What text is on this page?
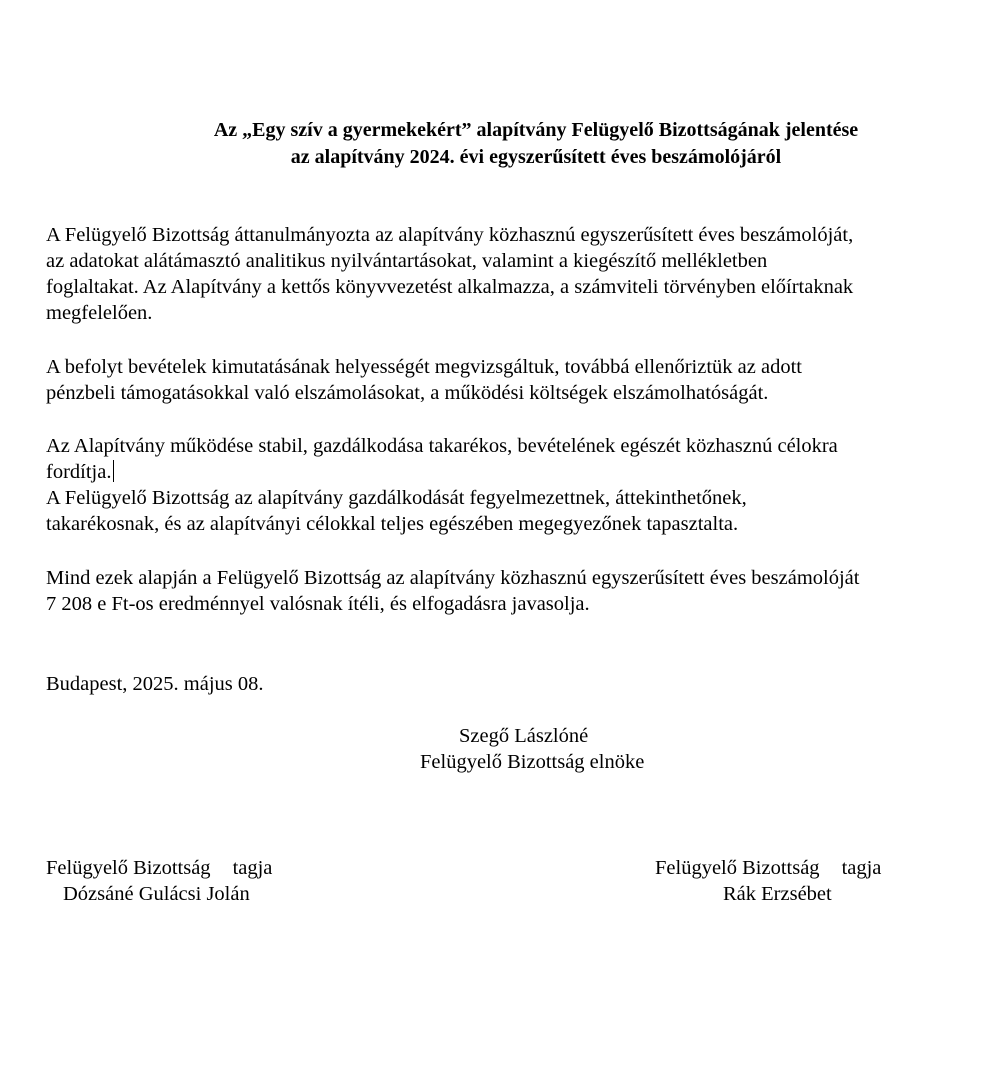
Az „Egy szív a gyermekekért” alapítvány Felügyelő Bizottságának jelentése
az alapítvány 2024. évi egyszerűsített éves beszámolójáról
A Felügyelő Bizottság áttanulmányozta az alapítvány közhasznú egyszerűsített éves beszámolóját,
az adatokat alátámasztó analitikus nyilvántartásokat, valamint a kiegészítő mellékletben
foglaltakat. Az Alapítvány a kettős könyvvezetést alkalmazza, a számviteli törvényben előírtaknak
megfelelően.
A befolyt bevételek kimutatásának helyességét megvizsgáltuk, továbbá ellenőriztük az adott
pénzbeli támogatásokkal való elszámolásokat, a működési költségek elszámolhatóságát.
Az Alapítvány működése stabil, gazdálkodása takarékos, bevételének egészét közhasznú célokra
fordítja.
A Felügyelő Bizottság az alapítvány gazdálkodását fegyelmezettnek, áttekinthetőnek,
takarékosnak, és az alapítványi célokkal teljes egészében megegyezőnek tapasztalta.
Mind ezek alapján a Felügyelő Bizottság az alapítvány közhasznú egyszerűsített éves beszámolóját
7 208 e Ft-os eredménnyel valósnak ítéli, és elfogadásra javasolja.
Budapest, 2025. május 08.
Szegő Lászlóné
Felügyelő Bizottság elnöke
Felügyelő Bizottság tagja
Dózsáné Gulácsi Jolán
Felügyelő Bizottság tagja
Rák Erzsébet
